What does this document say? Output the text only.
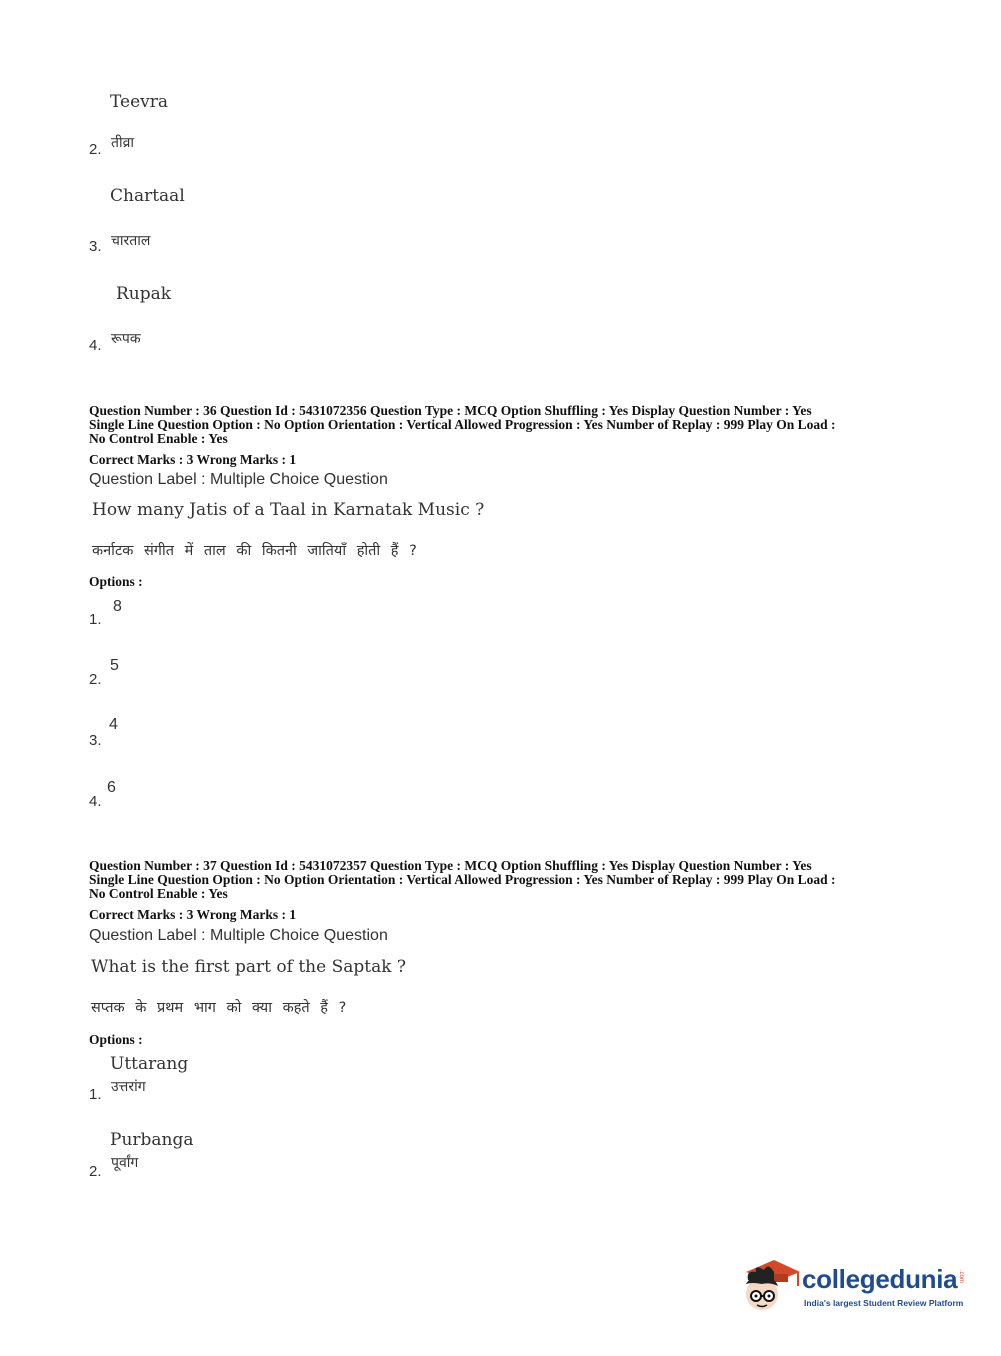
Teevra
तीव्रा
2.
Chartaal
चारताल
3.
Rupak
रूपक
4.
Question Number : 36 Question Id : 5431072356 Question Type : MCQ Option Shuffling : Yes Display Question Number : Yes
Single Line Question Option : No Option Orientation : Vertical Allowed Progression : Yes Number of Replay : 999 Play On Load :
No Control Enable : Yes
Correct Marks : 3 Wrong Marks : 1
Question Label : Multiple Choice Question
How many Jatis of a Taal in Karnatak Music ?
कर्नाटक संगीत में ताल की कितनी जातियाँ होती हैं ?
Options :
1.
8
2.
5
3.
4
4.
6
Question Number : 37 Question Id : 5431072357 Question Type : MCQ Option Shuffling : Yes Display Question Number : Yes
Single Line Question Option : No Option Orientation : Vertical Allowed Progression : Yes Number of Replay : 999 Play On Load :
No Control Enable : Yes
Correct Marks : 3 Wrong Marks : 1
Question Label : Multiple Choice Question
What is the first part of the Saptak ?
सप्तक के प्रथम भाग को क्या कहते हैं ?
Options :
Uttarang
उत्तरांग
1.
Purbanga
पूर्वांग
2.
collegedunia .com
India's largest Student Review Platform
